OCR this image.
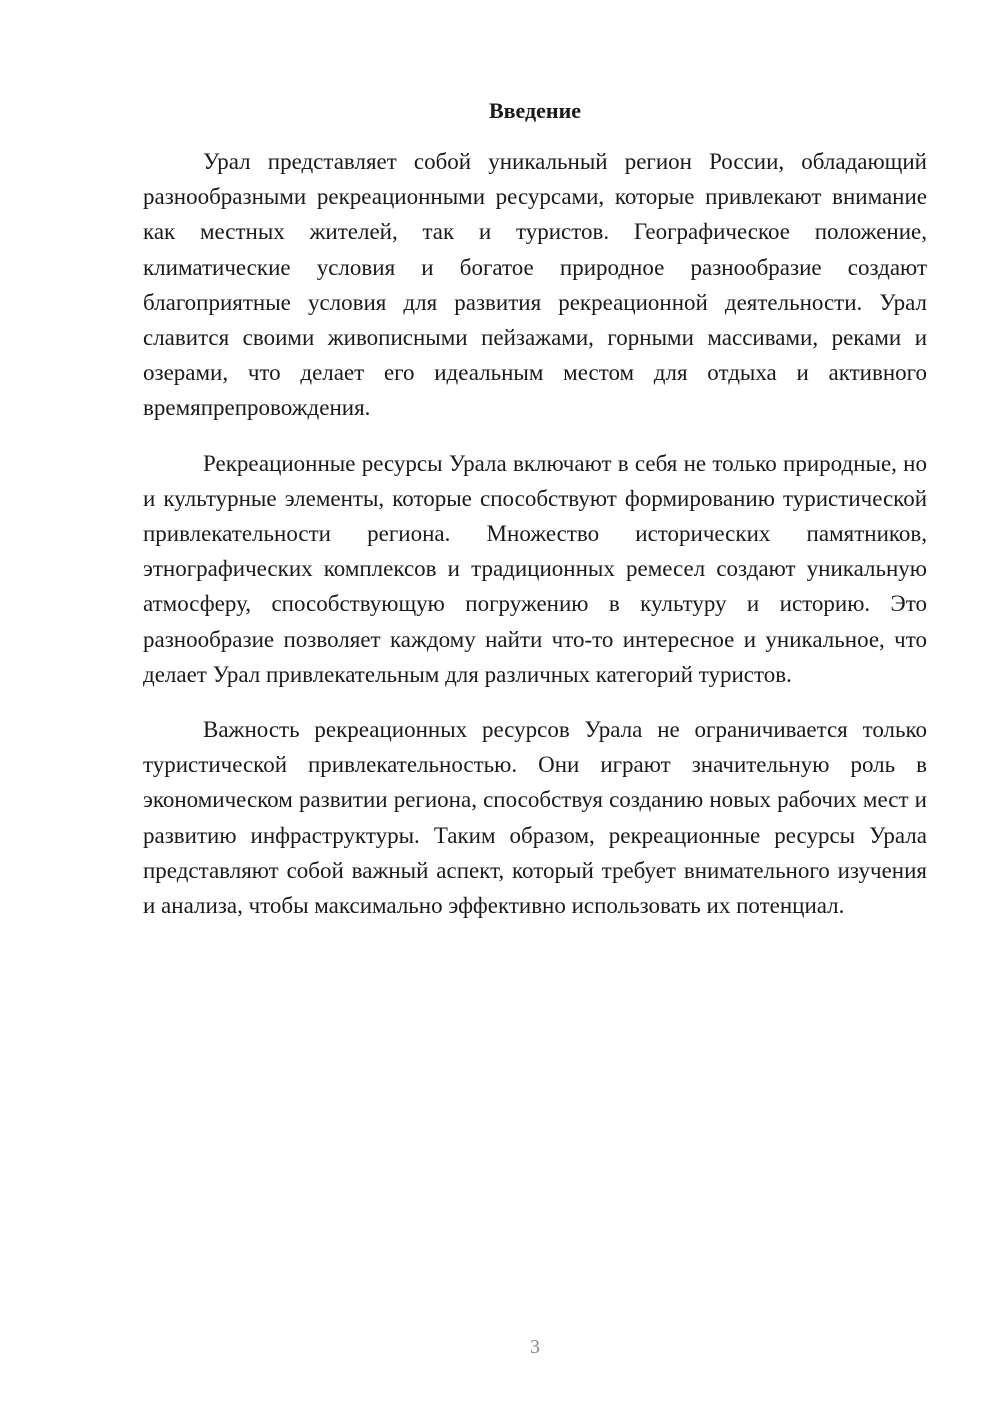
Введение

Урал представляет собой уникальный регион России, обладающий разнообразными рекреационными ресурсами, которые привлекают внимание как местных жителей, так и туристов. Географическое положение, климатические условия и богатое природное разнообразие создают благоприятные условия для развития рекреационной деятельности. Урал славится своими живописными пейзажами, горными массивами, реками и озерами, что делает его идеальным местом для отдыха и активного времяпрепровождения.

Рекреационные ресурсы Урала включают в себя не только природные, но и культурные элементы, которые способствуют формированию туристической привлекательности региона. Множество исторических памятников, этнографических комплексов и традиционных ремесел создают уникальную атмосферу, способствующую погружению в культуру и историю. Это разнообразие позволяет каждому найти что-то интересное и уникальное, что делает Урал привлекательным для различных категорий туристов.

Важность рекреационных ресурсов Урала не ограничивается только туристической привлекательностью. Они играют значительную роль в экономическом развитии региона, способствуя созданию новых рабочих мест и развитию инфраструктуры. Таким образом, рекреационные ресурсы Урала представляют собой важный аспект, который требует внимательного изучения и анализа, чтобы максимально эффективно использовать их потенциал.

3
